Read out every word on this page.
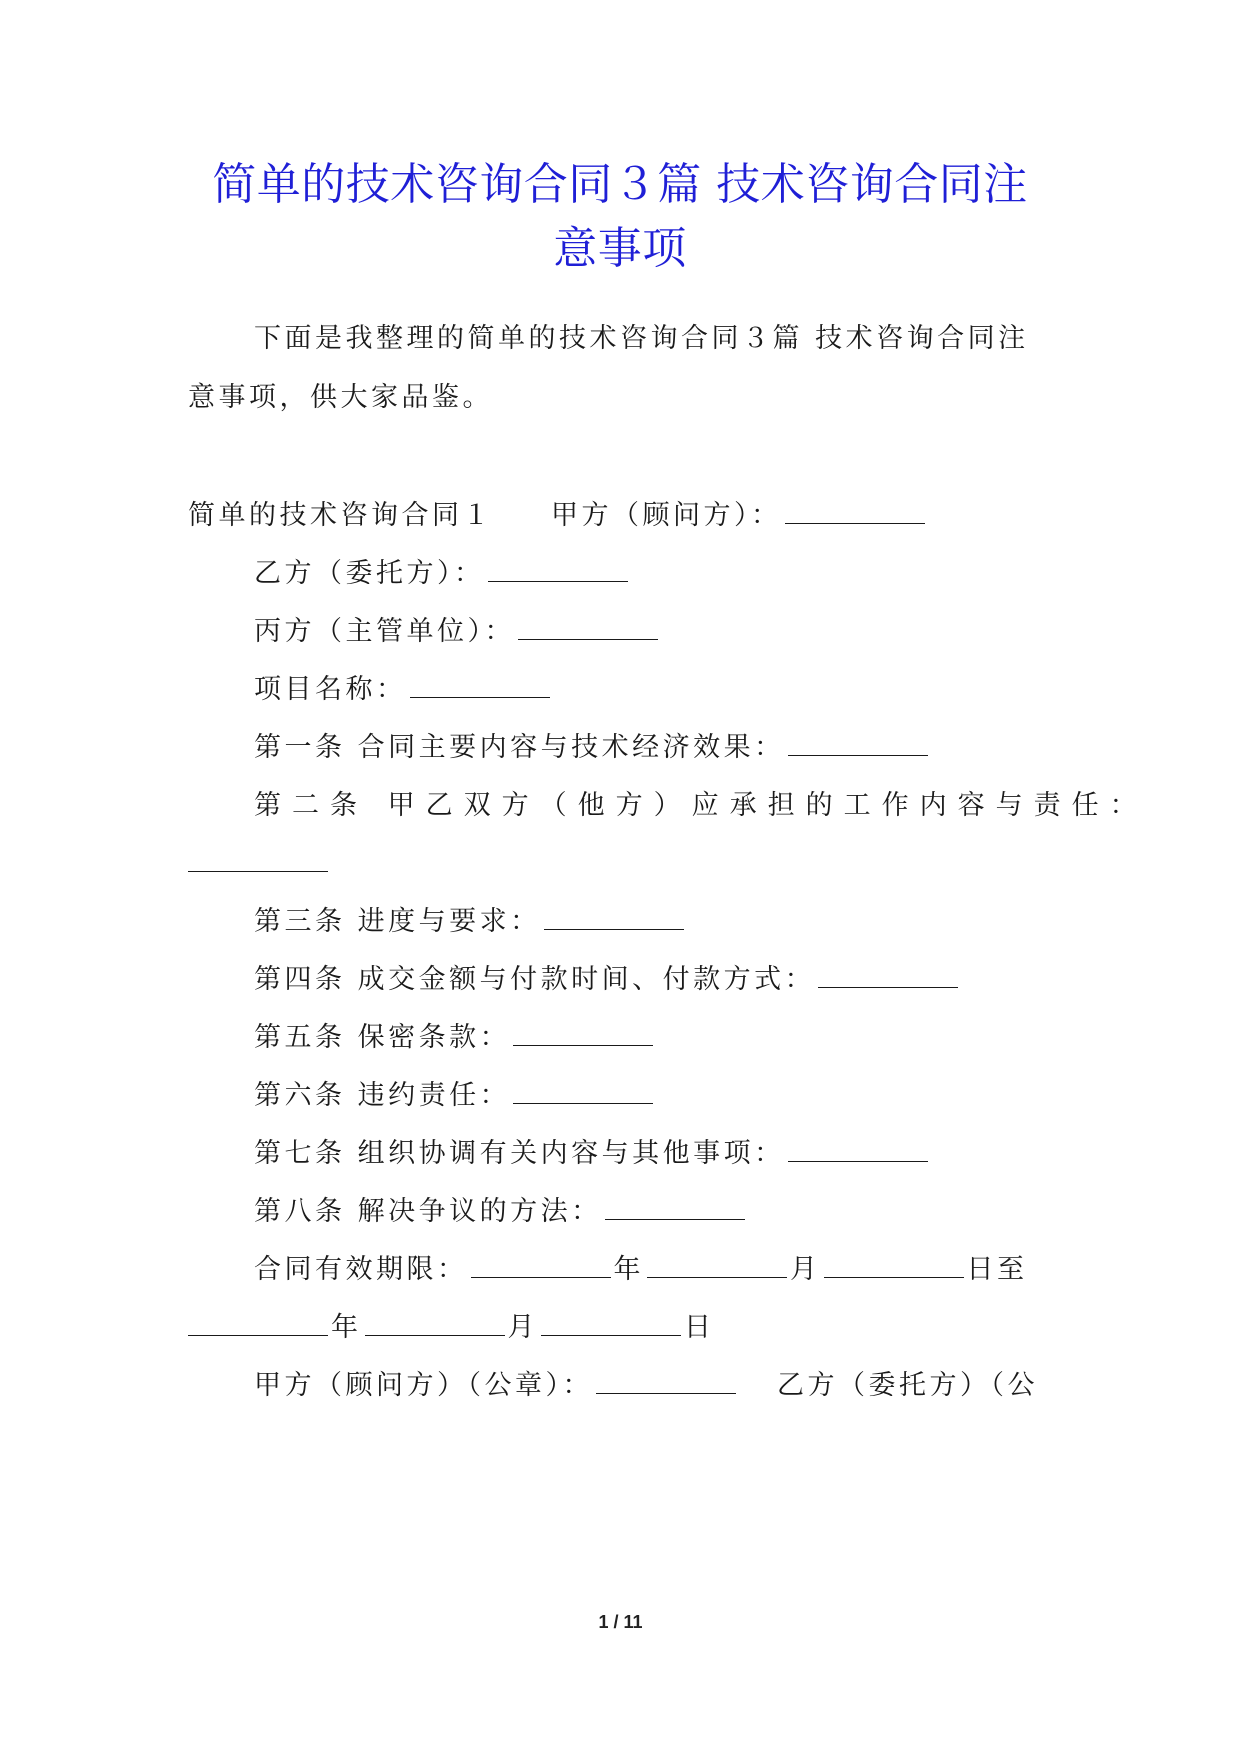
简单的技术咨询合同３篇 技术咨询合同注
意事项
下面是我整理的简单的技术咨询合同３篇 技术咨询合同注
意事项，供大家品鉴。
简单的技术咨询合同１ 甲方（顾问方）：
乙方（委托方）：
丙方（主管单位）：
项目名称：
第一条 合同主要内容与技术经济效果：
第二条 甲乙双方（他方）应承担的工作内容与责任：
第三条 进度与要求：
第四条 成交金额与付款时间、付款方式：
第五条 保密条款：
第六条 违约责任：
第七条 组织协调有关内容与其他事项：
第八条 解决争议的方法：
合同有效期限：	年	月	日至
年	月	日
甲方（顾问方）（公章）：	乙方（委托方）（公
1 / 11
